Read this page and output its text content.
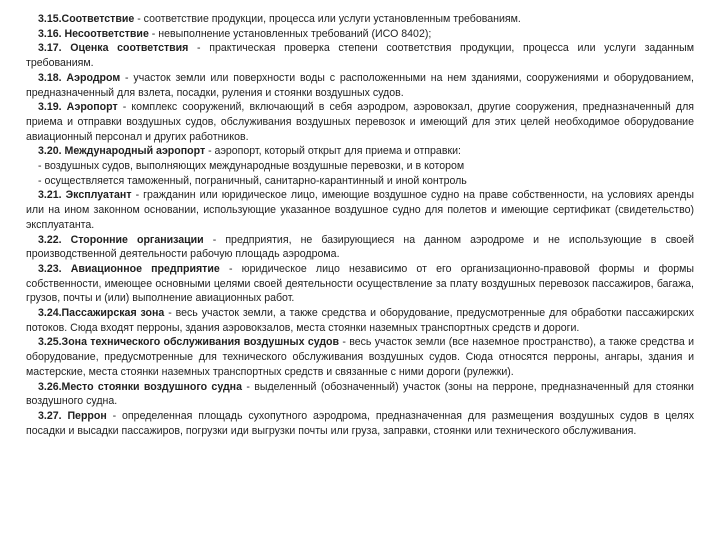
3.15.Соответствие - соответствие продукции, процесса или услуги установленным требованиям.

3.16. Несоответствие - невыполнение установленных требований (ИСО 8402);

3.17. Оценка соответствия - практическая проверка степени соответствия продукции, процесса или услуги заданным требованиям.

3.18. Аэродром - участок земли или поверхности воды с расположенными на нем зданиями, сооружениями и оборудованием, предназначенный для взлета, посадки, руления и стоянки воздушных судов.

3.19. Аэропорт - комплекс сооружений, включающий в себя аэродром, аэровокзал, другие сооружения, предназначенный для приема и отправки воздушных судов, обслуживания воздушных перевозок и имеющий для этих целей необходимое оборудование авиационный персонал и других работников.

3.20. Международный аэропорт - аэропорт, который открыт для приема и отправки:

- воздушных судов, выполняющих международные воздушные перевозки, и в котором

- осуществляется таможенный, пограничный, санитарно-карантинный и иной контроль

3.21. Эксплуатант - гражданин или юридическое лицо, имеющие воздушное судно на праве собственности, на условиях аренды или на ином законном основании, использующие указанное воздушное судно для полетов и имеющие сертификат (свидетельство) эксплуатанта.

3.22. Сторонние организации - предприятия, не базирующиеся на данном аэродроме и не использующие в своей производственной деятельности рабочую площадь аэродрома.

3.23. Авиационное предприятие - юридическое лицо независимо от его организационно-правовой формы и формы собственности, имеющее основными целями своей деятельности осуществление за плату воздушных перевозок пассажиров, багажа, грузов, почты и (или) выполнение авиационных работ.

3.24.Пассажирская зона - весь участок земли, а также средства и оборудование, предусмотренные для обработки пассажирских потоков. Сюда входят перроны, здания аэровокзалов, места стоянки наземных транспортных средств и дороги.

3.25.Зона технического обслуживания воздушных судов - весь участок земли (все наземное пространство), а также средства и оборудование, предусмотренные для технического обслуживания воздушных судов. Сюда относятся перроны, ангары, здания и мастерские, места стоянки наземных транспортных средств и связанные с ними дороги (рулежки).

3.26.Место стоянки воздушного судна - выделенный (обозначенный) участок (зоны на перроне, предназначенный для стоянки воздушного судна.

3.27. Перрон - определенная площадь сухопутного аэродрома, предназначенная для размещения воздушных судов в целях посадки и высадки пассажиров, погрузки иди выгрузки почты или груза, заправки, стоянки или технического обслуживания.
